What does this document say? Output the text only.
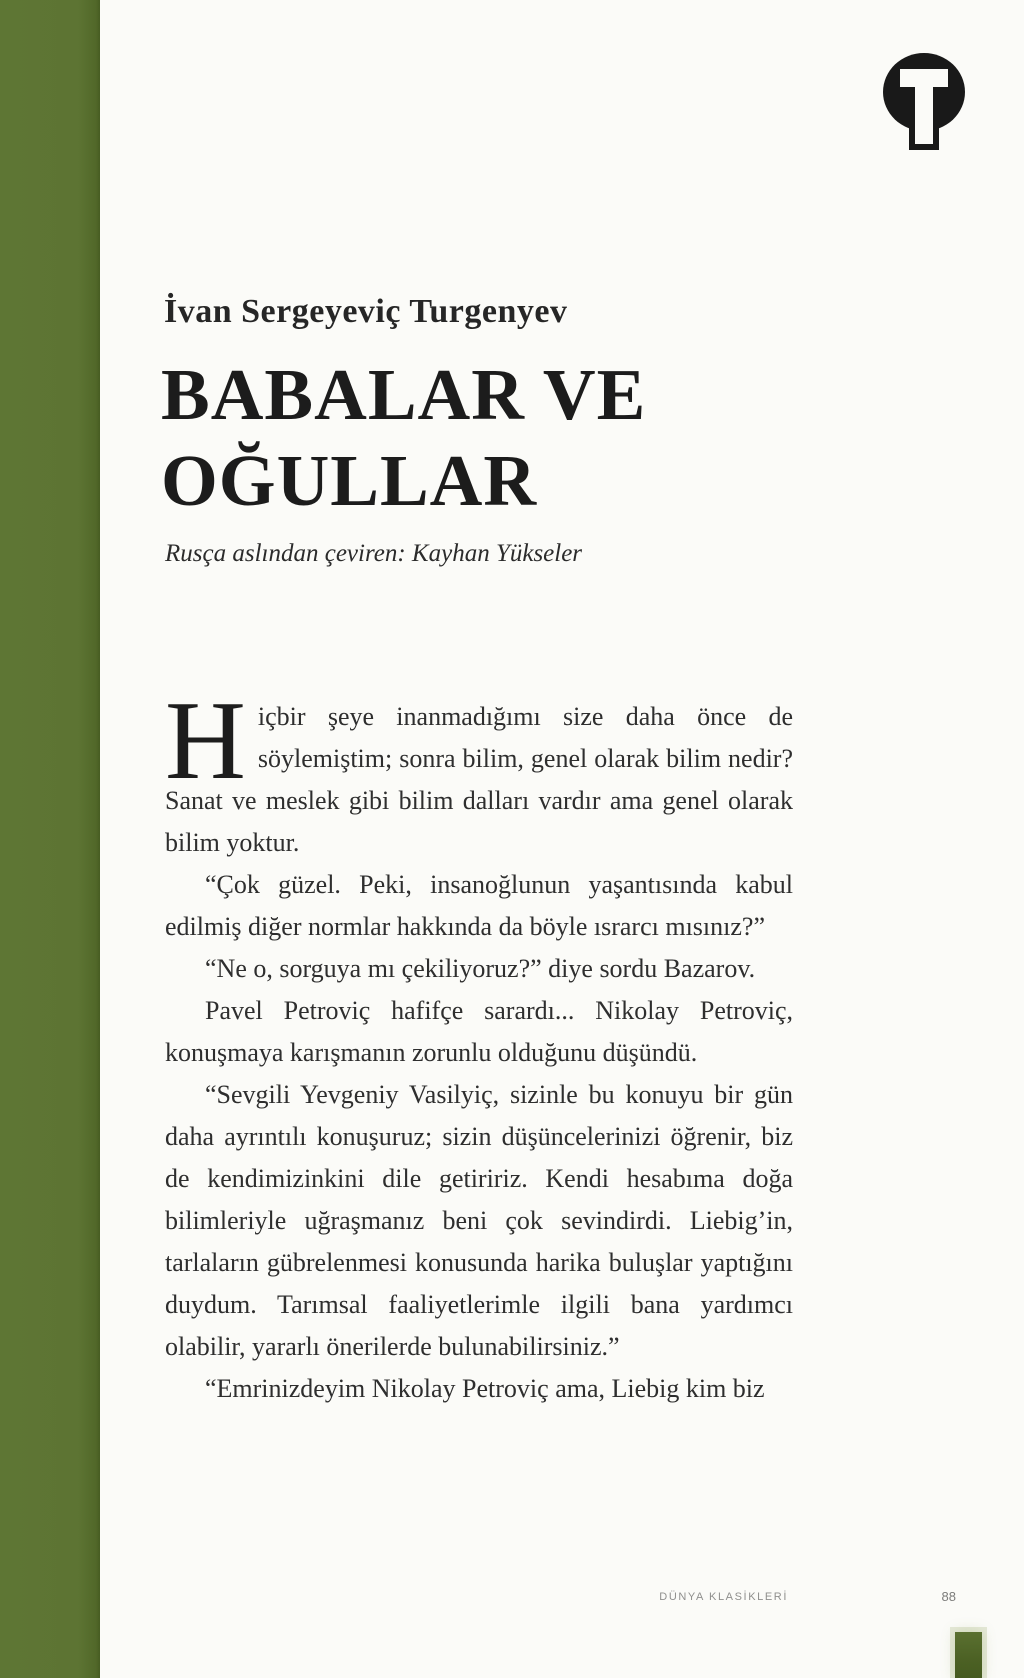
İvan Sergeyeviç Turgenyev
BABALAR VE
OĞULLAR
Rusça aslından çeviren: Kayhan Yükseler

Hiçbir şeye inanmadığımı size daha önce de söylemiştim; sonra bilim, genel olarak bilim nedir? Sanat ve meslek gibi bilim dalları vardır ama genel olarak bilim yoktur.

“Çok güzel. Peki, insanoğlunun yaşantısında kabul edilmiş diğer normlar hakkında da böyle ısrarcı mısınız?”

“Ne o, sorguya mı çekiliyoruz?” diye sordu Bazarov.

Pavel Petroviç hafifçe sarardı... Nikolay Petroviç, konuşmaya karışmanın zorunlu olduğunu düşündü.

“Sevgili Yevgeniy Vasilyiç, sizinle bu konuyu bir gün daha ayrıntılı konuşuruz; sizin düşüncelerinizi öğrenir, biz de kendimizinkini dile getiririz. Kendi hesabıma doğa bilimleriyle uğraşmanız beni çok sevindirdi. Liebig’in, tarlaların gübrelenmesi konusunda harika buluşlar yaptığını duydum. Tarımsal faaliyetlerimle ilgili bana yardımcı olabilir, yararlı önerilerde bulunabilirsiniz.”

“Emrinizdeyim Nikolay Petroviç ama, Liebig kim biz

DÜNYA KLASİKLERİ	88
